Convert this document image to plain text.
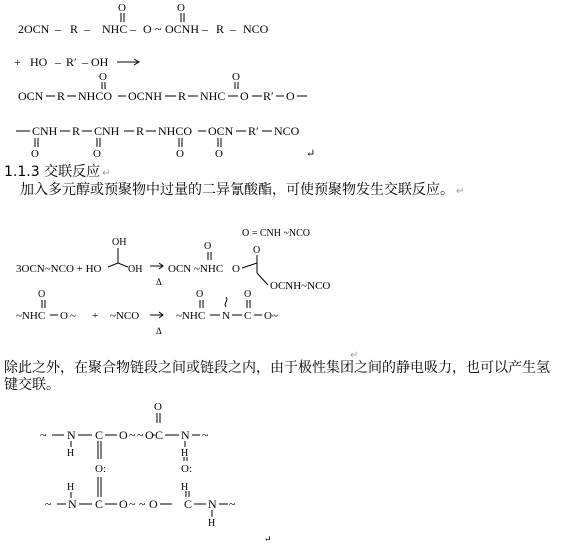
O	O
2OCN – R – NHC – O ~ OCNH – R – NCO
+ HO – R′ – OH
OCN R NHCO
O
OCNH R NHC
O
O R′ O
CNH
O
R CNH
O
R NHCO
O
OCN
O
R′ NCO
↵
1.1.3 交联反应 ↵
加入多元醇或预聚物中过量的二异氰酸酯，可使预聚物发生交联反应。 ↵
OH
3OCN~NCO + HO	OH
Δ
O = CNH ~NCO
O
O
OCN ~NHC O
OCNH~NCO
O
~NHC O ~ + ~NCO
Δ
O
~NHC N C
O
O~
除此之外，在聚合物链段之间或链段之内，由于极性集团之间的静电吸力，也可以产生氢键交联。
↵
O
~ N C O ~ ~ O C N ~
H	H
O:	O:
H	H
~ N C O ~ ~ O C N ~
H
↵
